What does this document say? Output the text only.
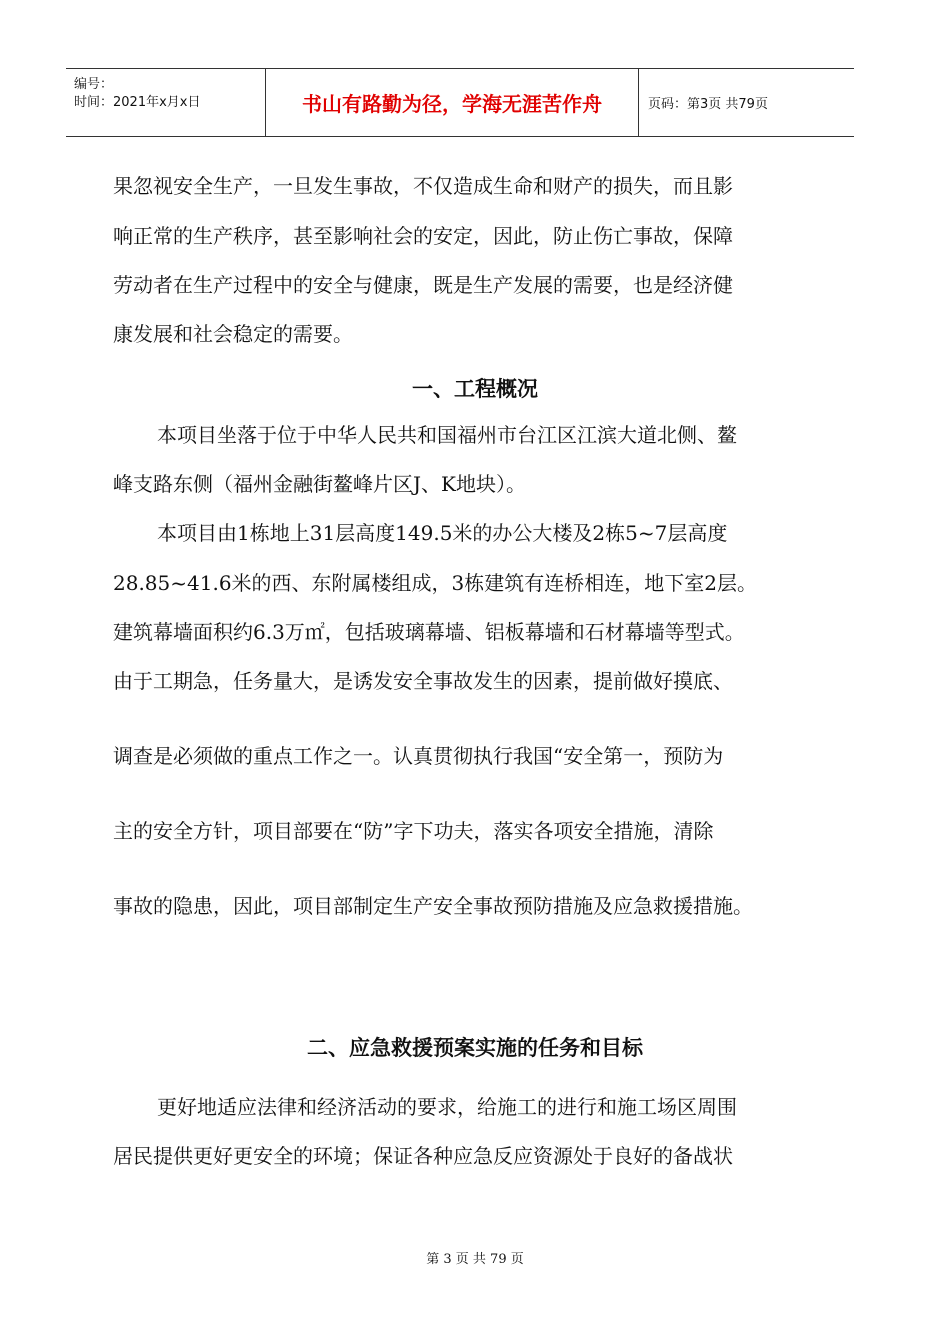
编号：
时间：2021年x月x日	书山有路勤为径，学海无涯苦作舟	页码：第3页 共79页
果忽视安全生产，一旦发生事故，不仅造成生命和财产的损失，而且影
响正常的生产秩序，甚至影响社会的安定，因此，防止伤亡事故，保障
劳动者在生产过程中的安全与健康，既是生产发展的需要，也是经济健
康发展和社会稳定的需要。
一、工程概况
本项目坐落于位于中华人民共和国福州市台江区江滨大道北侧、鳌
峰支路东侧（福州金融街鳌峰片区J、K地块）。
本项目由1栋地上31层高度149.5米的办公大楼及2栋5~7层高度
28.85~41.6米的西、东附属楼组成，3栋建筑有连桥相连，地下室2层。
建筑幕墙面积约6.3万㎡，包括玻璃幕墙、铝板幕墙和石材幕墙等型式。
由于工期急，任务量大，是诱发安全事故发生的因素，提前做好摸底、
调查是必须做的重点工作之一。认真贯彻执行我国“安全第一，预防为
主的安全方针，项目部要在“防”字下功夫，落实各项安全措施，清除
事故的隐患，因此，项目部制定生产安全事故预防措施及应急救援措施。
二、应急救援预案实施的任务和目标
更好地适应法律和经济活动的要求，给施工的进行和施工场区周围
居民提供更好更安全的环境；保证各种应急反应资源处于良好的备战状
第 3 页 共 79 页
